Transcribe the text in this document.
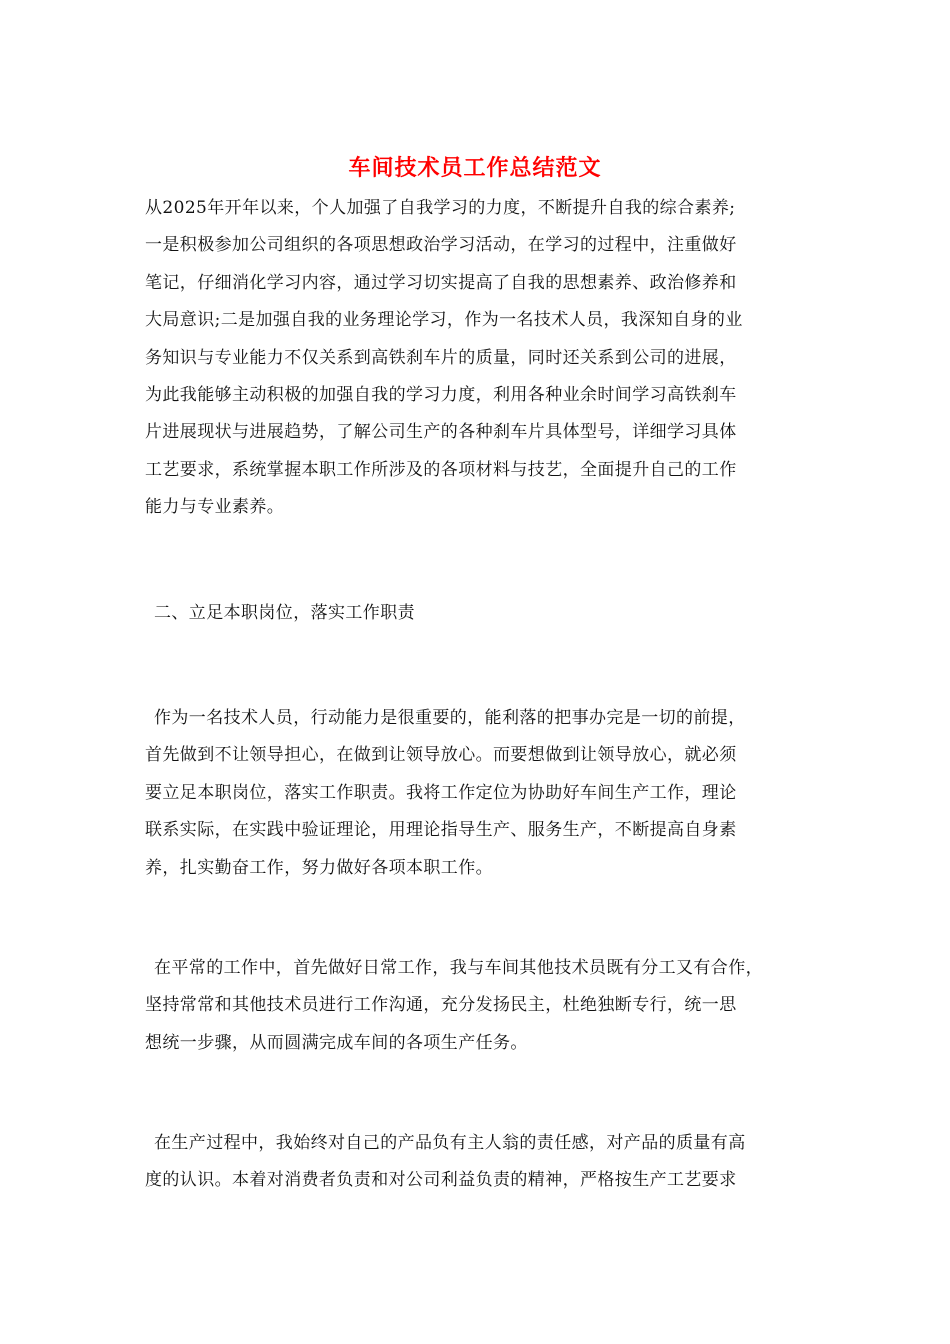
车间技术员工作总结范文
从2025年开年以来，个人加强了自我学习的力度，不断提升自我的综合素养;
一是积极参加公司组织的各项思想政治学习活动，在学习的过程中，注重做好
笔记，仔细消化学习内容，通过学习切实提高了自我的思想素养、政治修养和
大局意识;二是加强自我的业务理论学习，作为一名技术人员，我深知自身的业
务知识与专业能力不仅关系到高铁刹车片的质量，同时还关系到公司的进展，
为此我能够主动积极的加强自我的学习力度，利用各种业余时间学习高铁刹车
片进展现状与进展趋势，了解公司生产的各种刹车片具体型号，详细学习具体
工艺要求，系统掌握本职工作所涉及的各项材料与技艺，全面提升自己的工作
能力与专业素养。
二、立足本职岗位，落实工作职责
作为一名技术人员，行动能力是很重要的，能利落的把事办完是一切的前提，
首先做到不让领导担心，在做到让领导放心。而要想做到让领导放心，就必须
要立足本职岗位，落实工作职责。我将工作定位为协助好车间生产工作，理论
联系实际，在实践中验证理论，用理论指导生产、服务生产，不断提高自身素
养，扎实勤奋工作，努力做好各项本职工作。
在平常的工作中，首先做好日常工作，我与车间其他技术员既有分工又有合作，
坚持常常和其他技术员进行工作沟通，充分发扬民主，杜绝独断专行，统一思
想统一步骤，从而圆满完成车间的各项生产任务。
在生产过程中，我始终对自己的产品负有主人翁的责任感，对产品的质量有高
度的认识。本着对消费者负责和对公司利益负责的精神，严格按生产工艺要求
